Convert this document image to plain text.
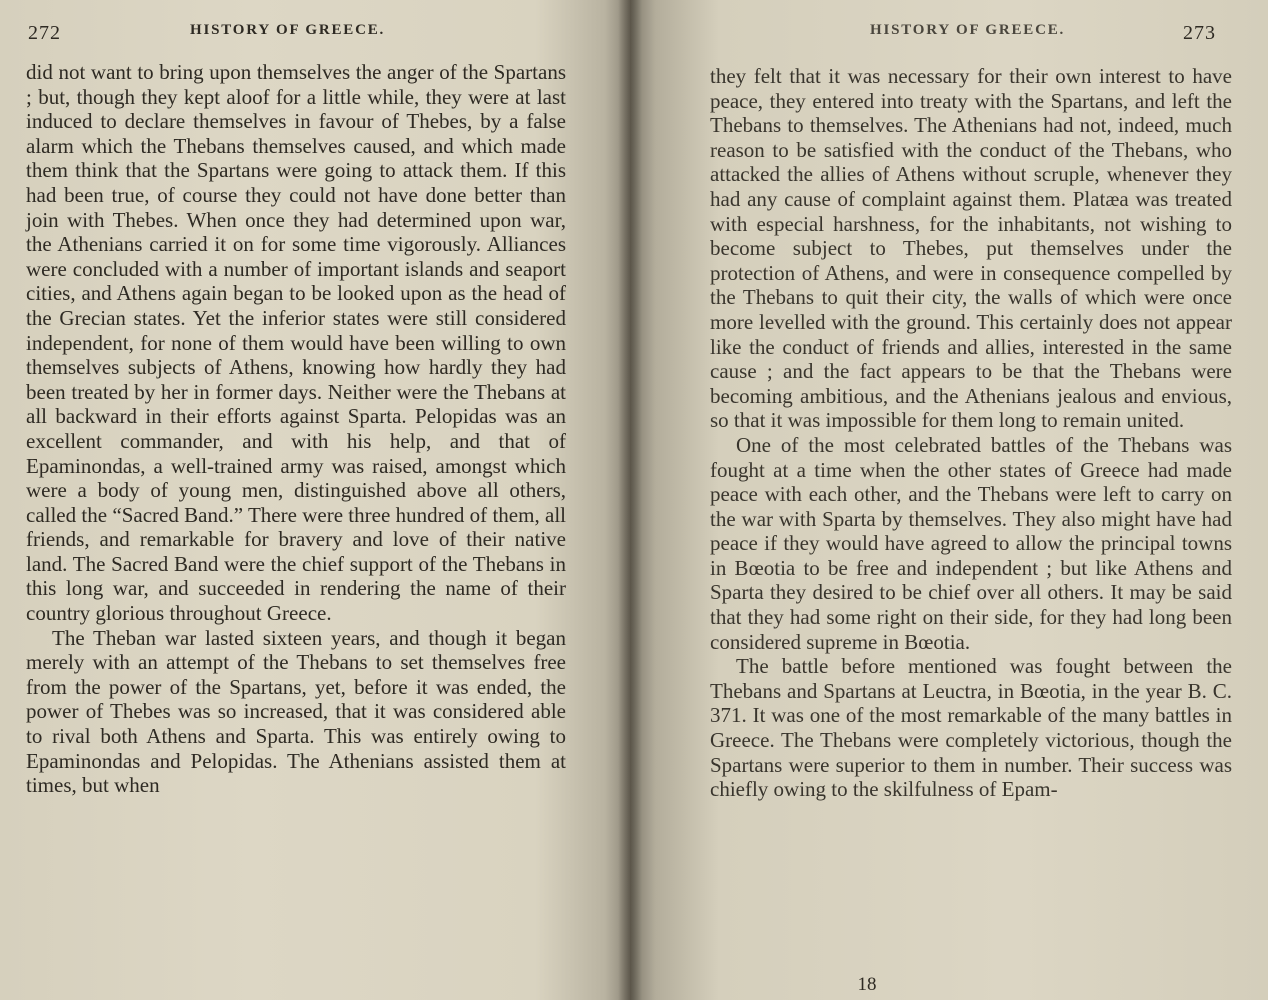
272	HISTORY OF GREECE.

did not want to bring upon themselves the anger of the Spartans ; but, though they kept aloof for a little while, they were at last induced to declare themselves in favour of Thebes, by a false alarm which the Thebans themselves caused, and which made them think that the Spartans were going to attack them. If this had been true, of course they could not have done better than join with Thebes. When once they had determined upon war, the Athenians carried it on for some time vigorously. Alliances were concluded with a number of important islands and seaport cities, and Athens again began to be looked upon as the head of the Grecian states. Yet the inferior states were still considered independent, for none of them would have been willing to own themselves subjects of Athens, knowing how hardly they had been treated by her in former days. Neither were the Thebans at all backward in their efforts against Sparta. Pelopidas was an excellent commander, and with his help, and that of Epaminondas, a well-trained army was raised, amongst which were a body of young men, distinguished above all others, called the “Sacred Band.” There were three hundred of them, all friends, and remarkable for bravery and love of their native land. The Sacred Band were the chief support of the Thebans in this long war, and succeeded in rendering the name of their country glorious throughout Greece.

The Theban war lasted sixteen years, and though it began merely with an attempt of the Thebans to set themselves free from the power of the Spartans, yet, before it was ended, the power of Thebes was so increased, that it was considered able to rival both Athens and Sparta. This was entirely owing to Epaminondas and Pelopidas. The Athenians assisted them at times, but when

HISTORY OF GREECE.	273

they felt that it was necessary for their own interest to have peace, they entered into treaty with the Spartans, and left the Thebans to themselves. The Athenians had not, indeed, much reason to be satisfied with the conduct of the Thebans, who attacked the allies of Athens without scruple, whenever they had any cause of complaint against them. Platæa was treated with especial harshness, for the inhabitants, not wishing to become subject to Thebes, put themselves under the protection of Athens, and were in consequence compelled by the Thebans to quit their city, the walls of which were once more levelled with the ground. This certainly does not appear like the conduct of friends and allies, interested in the same cause ; and the fact appears to be that the Thebans were becoming ambitious, and the Athenians jealous and envious, so that it was impossible for them long to remain united.

One of the most celebrated battles of the Thebans was fought at a time when the other states of Greece had made peace with each other, and the Thebans were left to carry on the war with Sparta by themselves. They also might have had peace if they would have agreed to allow the principal towns in Bœotia to be free and independent ; but like Athens and Sparta they desired to be chief over all others. It may be said that they had some right on their side, for they had long been considered supreme in Bœotia.

The battle before mentioned was fought between the Thebans and Spartans at Leuctra, in Bœotia, in the year B. C. 371. It was one of the most remarkable of the many battles in Greece. The Thebans were completely victorious, though the Spartans were superior to them in number. Their success was chiefly owing to the skilfulness of Epam-

18
